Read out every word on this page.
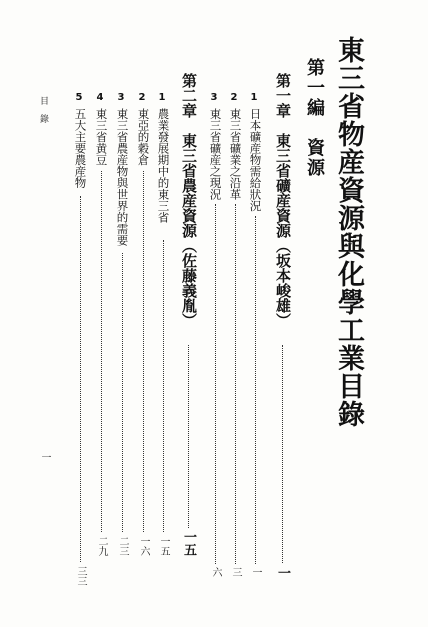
東三省物産資源與化學工業目錄
第一編　資源
第一章　東三省礦産資源（坂本峻雄）
一
1
日本礦産物需給狀況
一
2
東三省礦業之沿革
三
3
東三省礦産之現況
六
第二章　東三省農産資源（佐藤義胤）
一五
1
農業發展期中的東三省
一五
2
東亞的穀倉
一六
3
東三省農産物與世界的需要
二三
4
東三省黄豆
二九
5
五大主要農産物
三三
目　錄
一
